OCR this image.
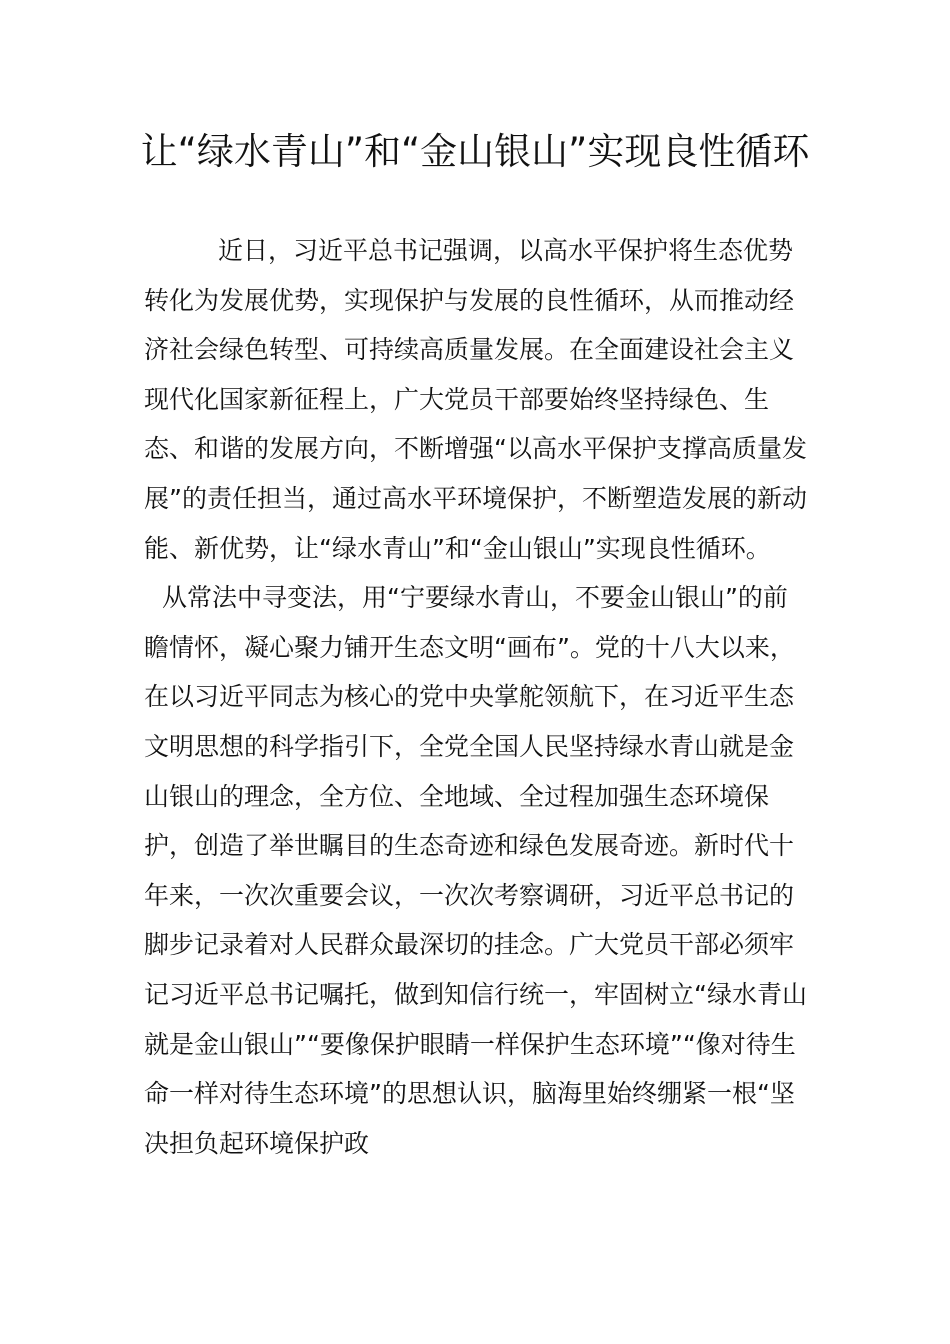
让“绿水青山”和“金山银山”实现良性循环

近日，习近平总书记强调，以高水平保护将生态优势转化为发展优势，实现保护与发展的良性循环，从而推动经济社会绿色转型、可持续高质量发展。在全面建设社会主义现代化国家新征程上，广大党员干部要始终坚持绿色、生态、和谐的发展方向，不断增强“以高水平保护支撑高质量发展”的责任担当，通过高水平环境保护，不断塑造发展的新动能、新优势，让“绿水青山”和“金山银山”实现良性循环。

从常法中寻变法，用“宁要绿水青山，不要金山银山”的前瞻情怀，凝心聚力铺开生态文明“画布”。党的十八大以来，在以习近平同志为核心的党中央掌舵领航下，在习近平生态文明思想的科学指引下，全党全国人民坚持绿水青山就是金山银山的理念，全方位、全地域、全过程加强生态环境保护，创造了举世瞩目的生态奇迹和绿色发展奇迹。新时代十年来，一次次重要会议，一次次考察调研，习近平总书记的脚步记录着对人民群众最深切的挂念。广大党员干部必须牢记习近平总书记嘱托，做到知信行统一，牢固树立“绿水青山就是金山银山”“要像保护眼睛一样保护生态环境”“像对待生命一样对待生态环境”的思想认识，脑海里始终绷紧一根“坚决担负起环境保护政
